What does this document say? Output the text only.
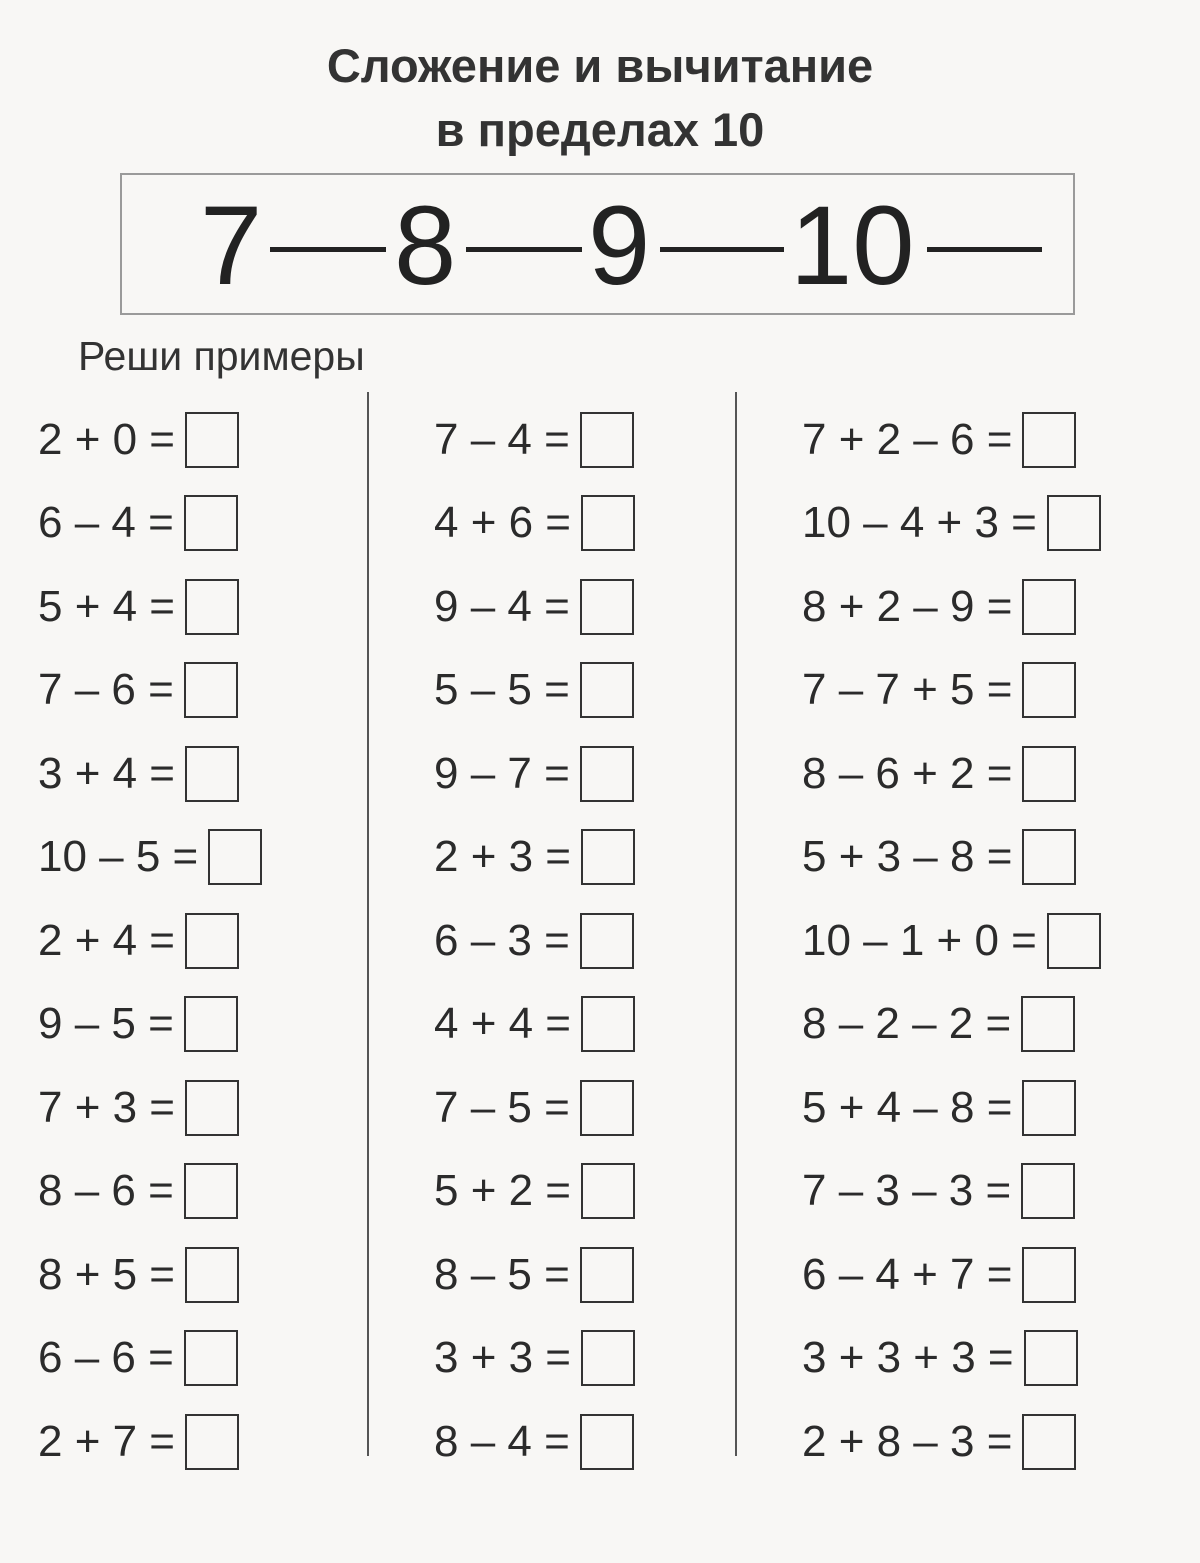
Сложение и вычитание
в пределах 10
7 8 9 10
Реши примеры
2 + 0 =
6 – 4 =
5 + 4 =
7 – 6 =
3 + 4 =
10 – 5 =
2 + 4 =
9 – 5 =
7 + 3 =
8 – 6 =
8 + 5 =
6 – 6 =
2 + 7 =
7 – 4 =
4 + 6 =
9 – 4 =
5 – 5 =
9 – 7 =
2 + 3 =
6 – 3 =
4 + 4 =
7 – 5 =
5 + 2 =
8 – 5 =
3 + 3 =
8 – 4 =
7 + 2 – 6 =
10 – 4 + 3 =
8 + 2 – 9 =
7 – 7 + 5 =
8 – 6 + 2 =
5 + 3 – 8 =
10 – 1 + 0 =
8 – 2 – 2 =
5 + 4 – 8 =
7 – 3 – 3 =
6 – 4 + 7 =
3 + 3 + 3 =
2 + 8 – 3 =
